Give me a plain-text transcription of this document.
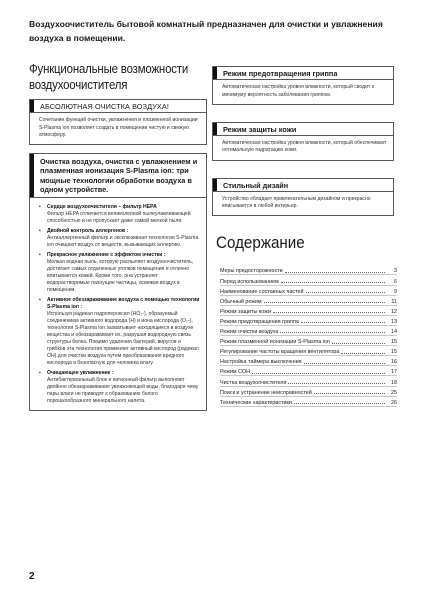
Воздухоочиститель бытовой комнатный предназначен для очистки и увлажнения воздуха в помещении.
Функциональные возможности
воздухоочистителя
АБСОЛЮТНАЯ ОЧИСТКА ВОЗДУХА!
Сочетание функций очистки, увлажнения и плазменной ионизации S-Plasma ion позволяет создать в помещении чистую и свежую атмосферу.
Очистка воздуха, очистка с увлажнением и плазменная ионизация S-Plasma ion: три мощные технологии обработки воздуха в одном устройстве.
▪ Сердце воздухоочистителя – фильтр HEPA
Фильтр HEPA отличается великолепной пылеулавливающей способностью и не пропускает даже самой мелкой пыли.
▪ Двойной контроль аллергенов :
Антиаллергенный фильтр и эксклюзивная технология S-Plasma ion очищают воздух от веществ, вызывающих аллергию.
▪ Прекрасное увлажнение с эффектом очистки :
Мелкая водная пыль, которую распыляет воздухоочиститель, достигает самых отдаленных уголков помещения и отлично впитывается кожей. Кроме того, она устраняет водорастворимые пахнущие частицы, освежая воздух в помещении.
▪ Активное обеззараживание воздуха с помощью технологии S-Plasma ion :
Используя радикал гидропероксил (HO₂-), образуемый соединением активного водорода (H) и иона кислорода (O₂-), технология S-Plasma ion захватывает находящиеся в воздухе вещества и обеззараживает их, разрушая водородную связь структуры белка. Помимо удаления бактерий, вирусов и грибков эта технология применяет активный кислород (радикал OH) для очистки воздуха путем преобразования вредного кислорода в безопасную для человека влагу.
▪ Очищающее увлажнение :
Антибактериальный блок и катионный фильтр выполняют двойное обеззараживание увлажняющей воды, благодаря чему пары влаги не приводят к образованию белого порошкообразного минерального налета.
Режим предотвращения гриппа
Автоматическая настройка уровня влажности, который сводит к минимуму вероятность заболевания гриппом.
Режим защиты кожи
Автоматическая настройка уровня влажности, который обеспечивает оптимальную гидратацию кожи.
Стильный дизайн
Устройство обладает привлекательным дизайном и прекрасно вписывается в любой интерьер.
Содержание
Меры предосторожности	3
Перед использованием	6
Наименование составных частей	9
Обычный режим	11
Режим защиты кожи	12
Режим предотвращения гриппа	13
Режим очистки воздуха	14
Режим плазменной ионизации S-Plasma ion	15
Регулирование частоты вращения вентилятора	15
Настройка таймера выключения	16
Режим СОН	17
Чистка воздухоочистителя	18
Поиск и устранение неисправностей	25
Технические характеристики	26
2
